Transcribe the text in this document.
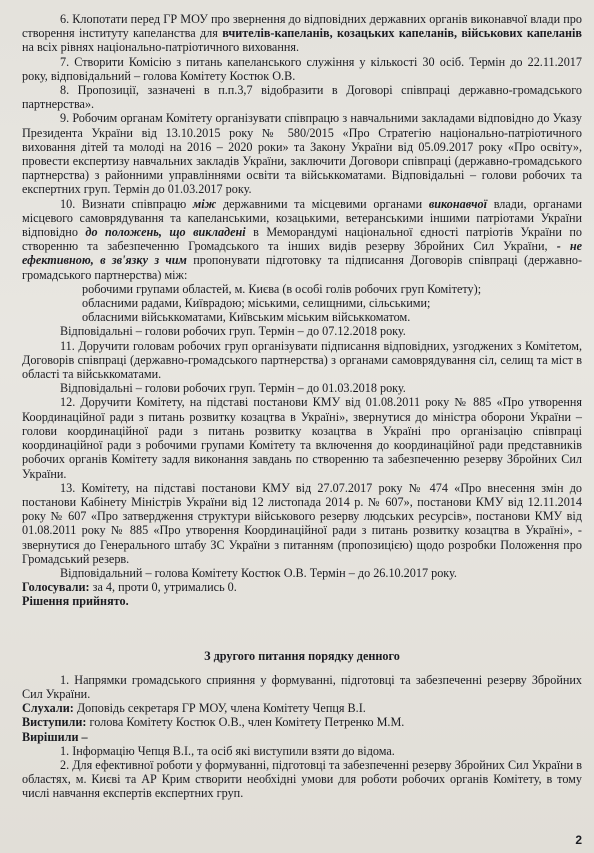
6. Клопотати перед ГР МОУ про звернення до відповідних державних органів виконавчої влади про створення інституту капеланства для вчителів-капеланів, козацьких капеланів, військових капеланів на всіх рівнях національно-патріотичного виховання.

7. Створити Комісію з питань капеланського служіння у кількості 30 осіб. Термін до 22.11.2017 року, відповідальний – голова Комітету Костюк О.В.

8. Пропозиції, зазначені в п.п.3,7 відобразити в Договорі співпраці державно-громадського партнерства».

9. Робочим органам Комітету організувати співпрацю з навчальними закладами відповідно до Указу Президента України від 13.10.2015 року № 580/2015 «Про Стратегію національно-патріотичного виховання дітей та молоді на 2016 – 2020 роки» та Закону України від 05.09.2017 року «Про освіту», провести експертизу навчальних закладів України, заключити Договори співпраці (державно-громадського партнерства) з районними управліннями освіти та військкоматами. Відповідальні – голови робочих та експертних груп. Термін до 01.03.2017 року.

10. Визнати співпрацю між державними та місцевими органами виконавчої влади, органами місцевого самоврядування та капеланськими, козацькими, ветеранськими іншими патріотами України відповідно до положень, що викладені в Меморандумі національної єдності патріотів України по створенню та забезпеченню Громадського та інших видів резерву Збройних Сил України, - не ефективною, в зв'язку з чим пропонувати підготовку та підписання Договорів співпраці (державно-громадського партнерства) між:

робочими групами областей, м. Києва (в особі голів робочих груп Комітету);

обласними радами, Київрадою; міськими, селищними, сільськими;

обласними військкоматами, Київським міським військкоматом.

Відповідальні – голови робочих груп. Термін – до 07.12.2018 року.

11. Доручити головам робочих груп організувати підписання відповідних, узгоджених з Комітетом, Договорів співпраці (державно-громадського партнерства) з органами самоврядування сіл, селищ та міст в області та військкоматами.

Відповідальні – голови робочих груп. Термін – до 01.03.2018 року.

12. Доручити Комітету, на підставі постанови КМУ від 01.08.2011 року № 885 «Про утворення Координаційної ради з питань розвитку козацтва в Україні», звернутися до міністра оборони України – голови координаційної ради з питань розвитку козацтва в Україні про організацію співпраці координаційної ради з робочими групами Комітету та включення до координаційної ради представників робочих органів Комітету задля виконання завдань по створенню та забезпеченню резерву Збройних Сил України.

13. Комітету, на підставі постанови КМУ від 27.07.2017 року № 474 «Про внесення змін до постанови Кабінету Міністрів України від 12 листопада 2014 р. № 607», постанови КМУ від 12.11.2014 року № 607 «Про затвердження структури військового резерву людських ресурсів», постанови КМУ від 01.08.2011 року № 885 «Про утворення Координаційної ради з питань розвитку козацтва в Україні», - звернутися до Генерального штабу ЗС України з питанням (пропозицією) щодо розробки Положення про Громадський резерв.

Відповідальний – голова Комітету Костюк О.В. Термін – до 26.10.2017 року.

Голосували: за 4, проти 0, утримались 0.

Рішення прийнято.

З другого питання порядку денного

1. Напрямки громадського сприяння у формуванні, підготовці та забезпеченні резерву Збройних Сил України.

Слухали: Доповідь секретаря ГР МОУ, члена Комітету Чепця В.І.

Виступили: голова Комітету Костюк О.В., член Комітету Петренко М.М.

Вирішили –

1. Інформацію Чепця В.І., та осіб які виступили взяти до відома.

2. Для ефективної роботи у формуванні, підготовці та забезпеченні резерву Збройних Сил України в областях, м. Києві та АР Крим створити необхідні умови для роботи робочих органів Комітету, в тому числі навчання експертів експертних груп.

2
